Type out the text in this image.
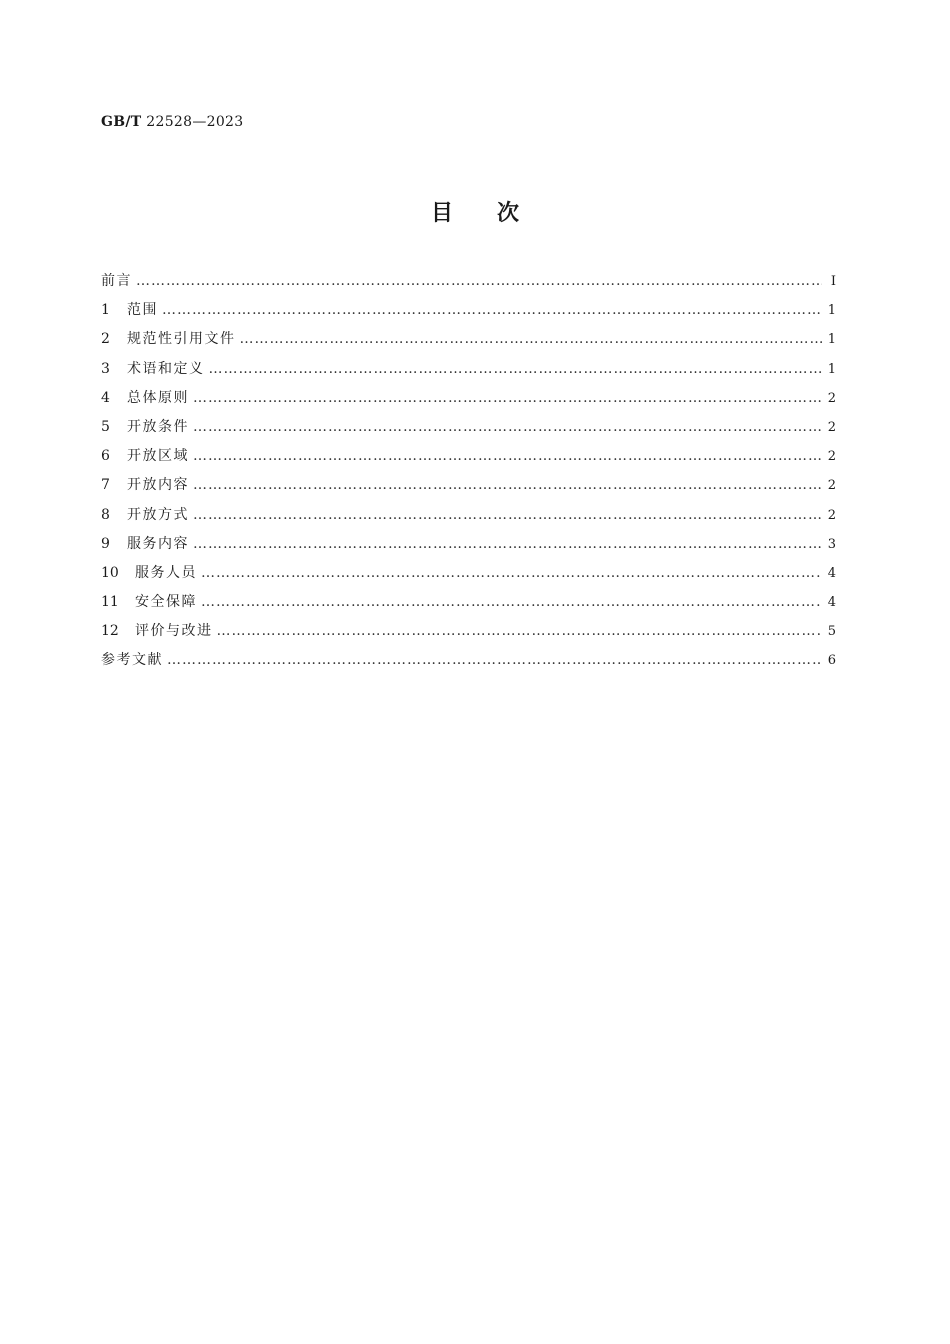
GB/T 22528—2023
目次
前言 …………………………………………………………………………………………………………………………………………………………………………………………………	Ⅰ
1	范围 …………………………………………………………………………………………………………………………………………………………………………………………………	1
2	规范性引用文件 …………………………………………………………………………………………………………………………………………………………………………………………………	1
3	术语和定义 …………………………………………………………………………………………………………………………………………………………………………………………………	1
4	总体原则 …………………………………………………………………………………………………………………………………………………………………………………………………	2
5	开放条件 …………………………………………………………………………………………………………………………………………………………………………………………………	2
6	开放区域 …………………………………………………………………………………………………………………………………………………………………………………………………	2
7	开放内容 …………………………………………………………………………………………………………………………………………………………………………………………………	2
8	开放方式 …………………………………………………………………………………………………………………………………………………………………………………………………	2
9	服务内容 …………………………………………………………………………………………………………………………………………………………………………………………………	3
10	服务人员 …………………………………………………………………………………………………………………………………………………………………………………………………	4
11	安全保障 …………………………………………………………………………………………………………………………………………………………………………………………………	4
12	评价与改进 …………………………………………………………………………………………………………………………………………………………………………………………………	5
参考文献 …………………………………………………………………………………………………………………………………………………………………………………………………	6
